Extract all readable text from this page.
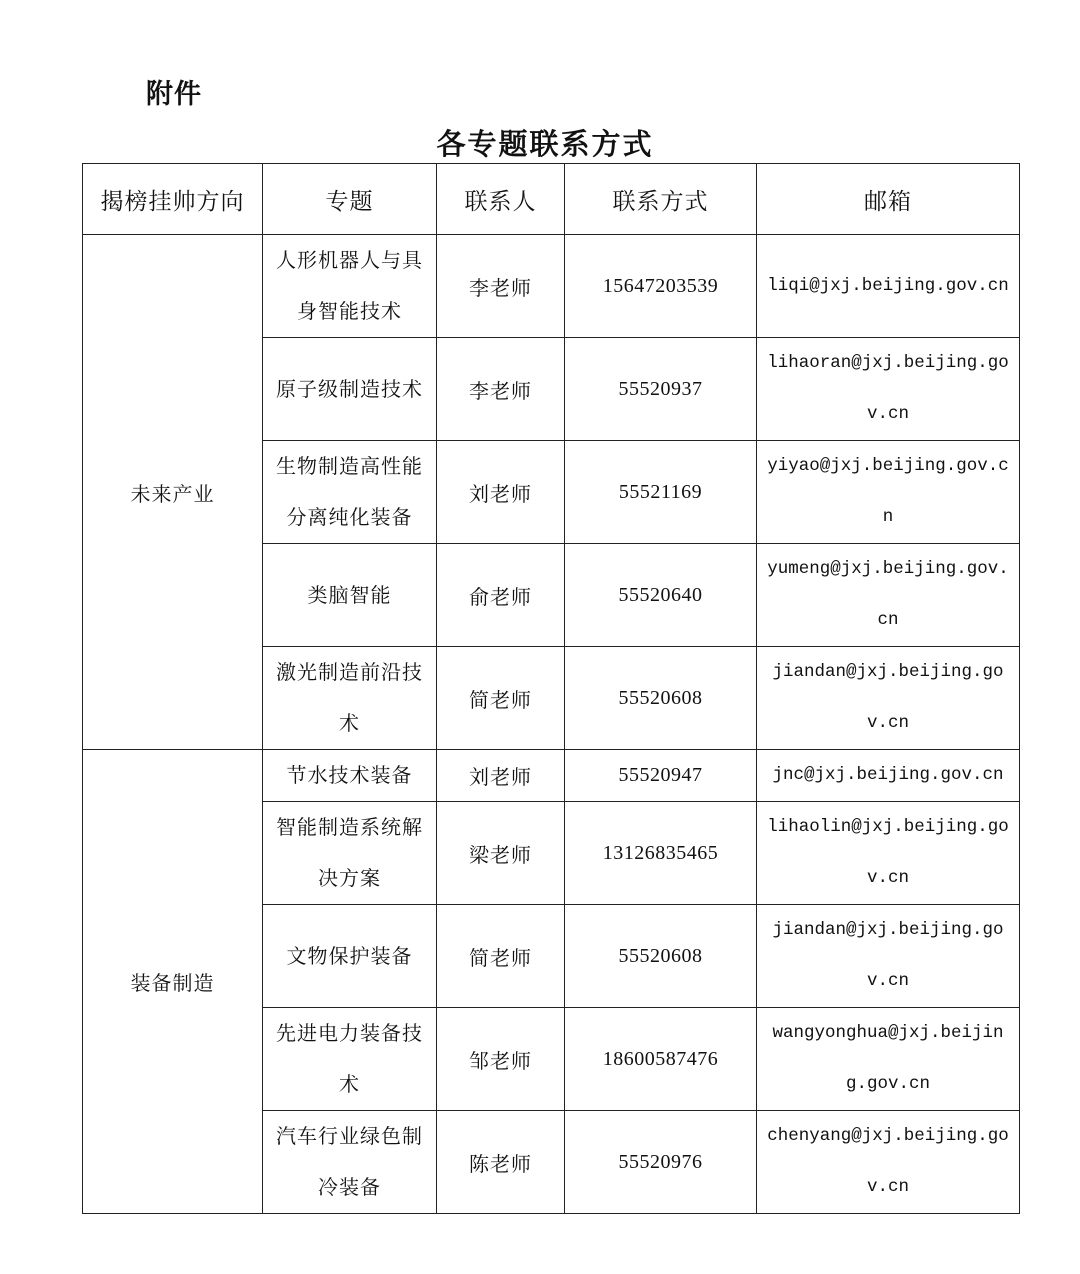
附件
各专题联系方式
揭榜挂帅方向	专题	联系人	联系方式	邮箱
未来产业	人形机器人与具身智能技术	李老师	15647203539	liqi@jxj.beijing.gov.cn
	原子级制造技术	李老师	55520937	lihaoran@jxj.beijing.gov.cn
	生物制造高性能分离纯化装备	刘老师	55521169	yiyao@jxj.beijing.gov.cn
	类脑智能	俞老师	55520640	yumeng@jxj.beijing.gov.cn
	激光制造前沿技术	简老师	55520608	jiandan@jxj.beijing.gov.cn
装备制造	节水技术装备	刘老师	55520947	jnc@jxj.beijing.gov.cn
	智能制造系统解决方案	梁老师	13126835465	lihaolin@jxj.beijing.gov.cn
	文物保护装备	简老师	55520608	jiandan@jxj.beijing.gov.cn
	先进电力装备技术	邹老师	18600587476	wangyonghua@jxj.beijing.gov.cn
	汽车行业绿色制冷装备	陈老师	55520976	chenyang@jxj.beijing.gov.cn
